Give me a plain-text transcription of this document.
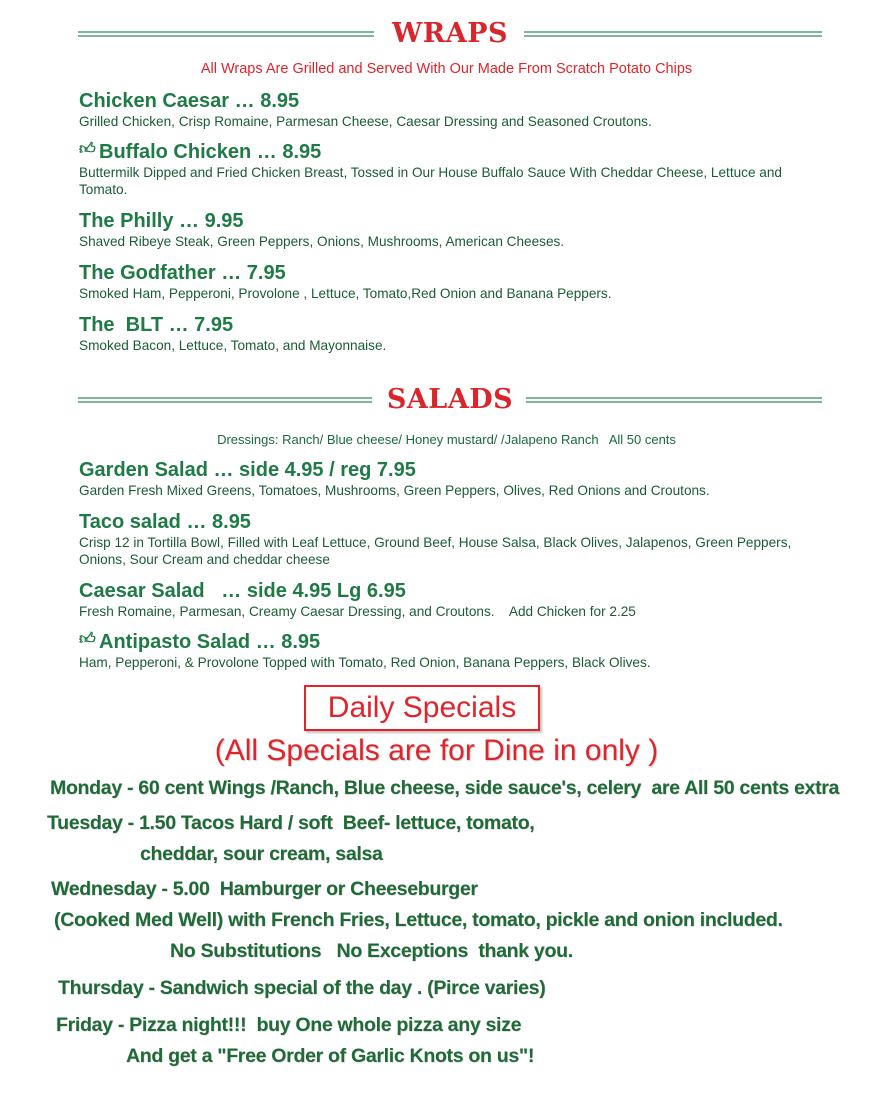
WRAPS
All Wraps Are Grilled and Served With Our Made From Scratch Potato Chips
Chicken Caesar … 8.95
Grilled Chicken, Crisp Romaine, Parmesan Cheese, Caesar Dressing and Seasoned Croutons.
👍︎ Buffalo Chicken … 8.95
Buttermilk Dipped and Fried Chicken Breast, Tossed in Our House Buffalo Sauce With Cheddar Cheese, Lettuce and Tomato.
The Philly … 9.95
Shaved Ribeye Steak, Green Peppers, Onions, Mushrooms, American Cheeses.
The Godfather … 7.95
Smoked Ham, Pepperoni, Provolone , Lettuce, Tomato,Red Onion and Banana Peppers.
The  BLT … 7.95
Smoked Bacon, Lettuce, Tomato, and Mayonnaise.
SALADS
Dressings: Ranch/ Blue cheese/ Honey mustard/ /Jalapeno Ranch   All 50 cents
Garden Salad … side 4.95 / reg 7.95
Garden Fresh Mixed Greens, Tomatoes, Mushrooms, Green Peppers, Olives, Red Onions and Croutons.
Taco salad … 8.95
Crisp 12 in Tortilla Bowl, Filled with Leaf Lettuce, Ground Beef, House Salsa, Black Olives, Jalapenos, Green Peppers, Onions, Sour Cream and cheddar cheese
Caesar Salad   … side 4.95 Lg 6.95
Fresh Romaine, Parmesan, Creamy Caesar Dressing, and Croutons.    Add Chicken for 2.25
👍︎ Antipasto Salad … 8.95
Ham, Pepperoni, & Provolone Topped with Tomato, Red Onion, Banana Peppers, Black Olives.
Daily Specials
(All Specials are for Dine in only )
Monday - 60 cent Wings /Ranch, Blue cheese, side sauce's, celery  are All 50 cents extra
Tuesday - 1.50 Tacos Hard / soft  Beef- lettuce, tomato,
cheddar, sour cream, salsa
Wednesday - 5.00  Hamburger or Cheeseburger
(Cooked Med Well) with French Fries, Lettuce, tomato, pickle and onion included.
No Substitutions   No Exceptions  thank you.
Thursday - Sandwich special of the day . (Pirce varies)
Friday - Pizza night!!!  buy One whole pizza any size
And get a "Free Order of Garlic Knots on us"!
